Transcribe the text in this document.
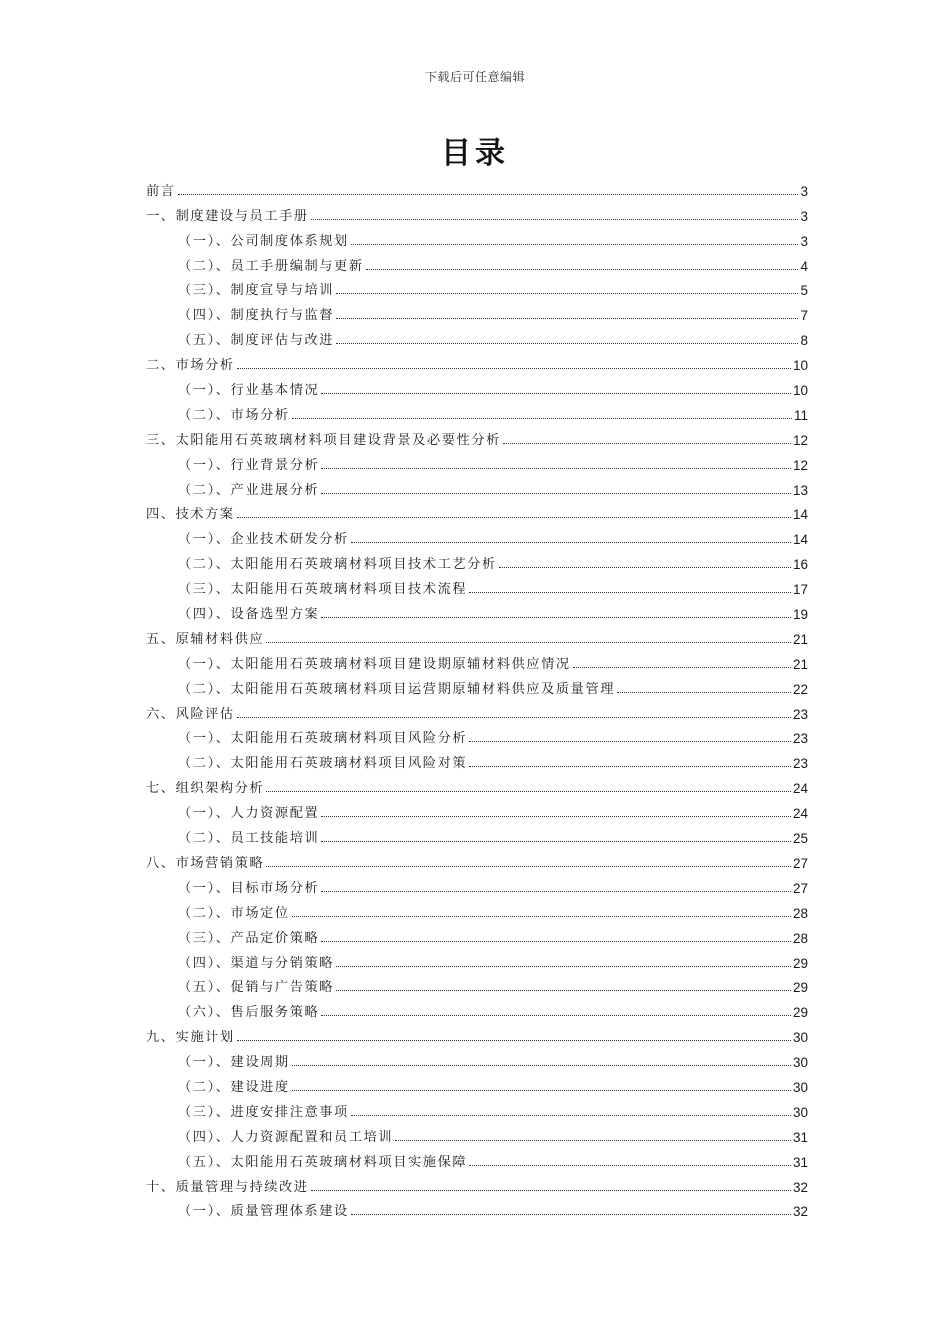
下载后可任意编辑
目录
前言	3
一、制度建设与员工手册	3
（一）、公司制度体系规划	3
（二）、员工手册编制与更新	4
（三）、制度宣导与培训	5
（四）、制度执行与监督	7
（五）、制度评估与改进	8
二、市场分析	10
（一）、行业基本情况	10
（二）、市场分析	11
三、太阳能用石英玻璃材料项目建设背景及必要性分析	12
（一）、行业背景分析	12
（二）、产业进展分析	13
四、技术方案	14
（一）、企业技术研发分析	14
（二）、太阳能用石英玻璃材料项目技术工艺分析	16
（三）、太阳能用石英玻璃材料项目技术流程	17
（四）、设备选型方案	19
五、原辅材料供应	21
（一）、太阳能用石英玻璃材料项目建设期原辅材料供应情况	21
（二）、太阳能用石英玻璃材料项目运营期原辅材料供应及质量管理	22
六、风险评估	23
（一）、太阳能用石英玻璃材料项目风险分析	23
（二）、太阳能用石英玻璃材料项目风险对策	23
七、组织架构分析	24
（一）、人力资源配置	24
（二）、员工技能培训	25
八、市场营销策略	27
（一）、目标市场分析	27
（二）、市场定位	28
（三）、产品定价策略	28
（四）、渠道与分销策略	29
（五）、促销与广告策略	29
（六）、售后服务策略	29
九、实施计划	30
（一）、建设周期	30
（二）、建设进度	30
（三）、进度安排注意事项	30
（四）、人力资源配置和员工培训	31
（五）、太阳能用石英玻璃材料项目实施保障	31
十、质量管理与持续改进	32
（一）、质量管理体系建设	32
